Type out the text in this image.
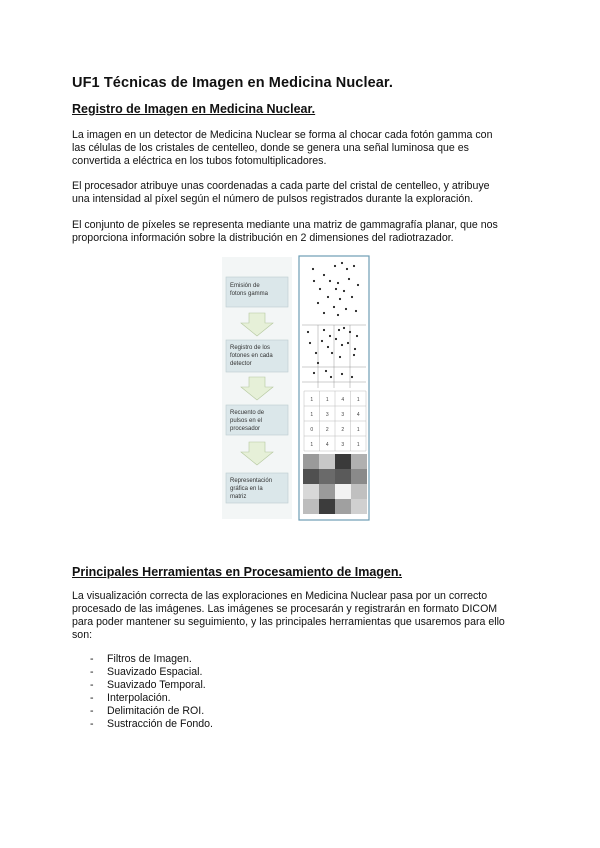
UF1 Técnicas de Imagen en Medicina Nuclear.
Registro de Imagen en Medicina Nuclear.
La imagen en un detector de Medicina Nuclear se forma al chocar cada fotón gamma con
las células de los cristales de centelleo, donde se genera una señal luminosa que es
convertida a eléctrica en los tubos fotomultiplicadores.
El procesador atribuye unas coordenadas a cada parte del cristal de centelleo, y atribuye
una intensidad al píxel según el número de pulsos registrados durante la exploración.
El conjunto de píxeles se representa mediante una matriz de gammagrafía planar, que nos
proporciona información sobre la distribución en 2 dimensiones del radiotrazador.
Emisión de
fotons gamma
Registro de los
fotones en cada
detector
Recuento de
pulsos en el
procesador
Representación
gráfica en la
matriz
1	1	4	1
1	3	3	4
0	2	2	1
1	4	3	1
Principales Herramientas en Procesamiento de Imagen.
La visualización correcta de las exploraciones en Medicina Nuclear pasa por un correcto
procesado de las imágenes. Las imágenes se procesarán y registrarán en formato DICOM
para poder mantener su seguimiento, y las principales herramientas que usaremos para ello
son:
- Filtros de Imagen.
- Suavizado Espacial.
- Suavizado Temporal.
- Interpolación.
- Delimitación de ROI.
- Sustracción de Fondo.
